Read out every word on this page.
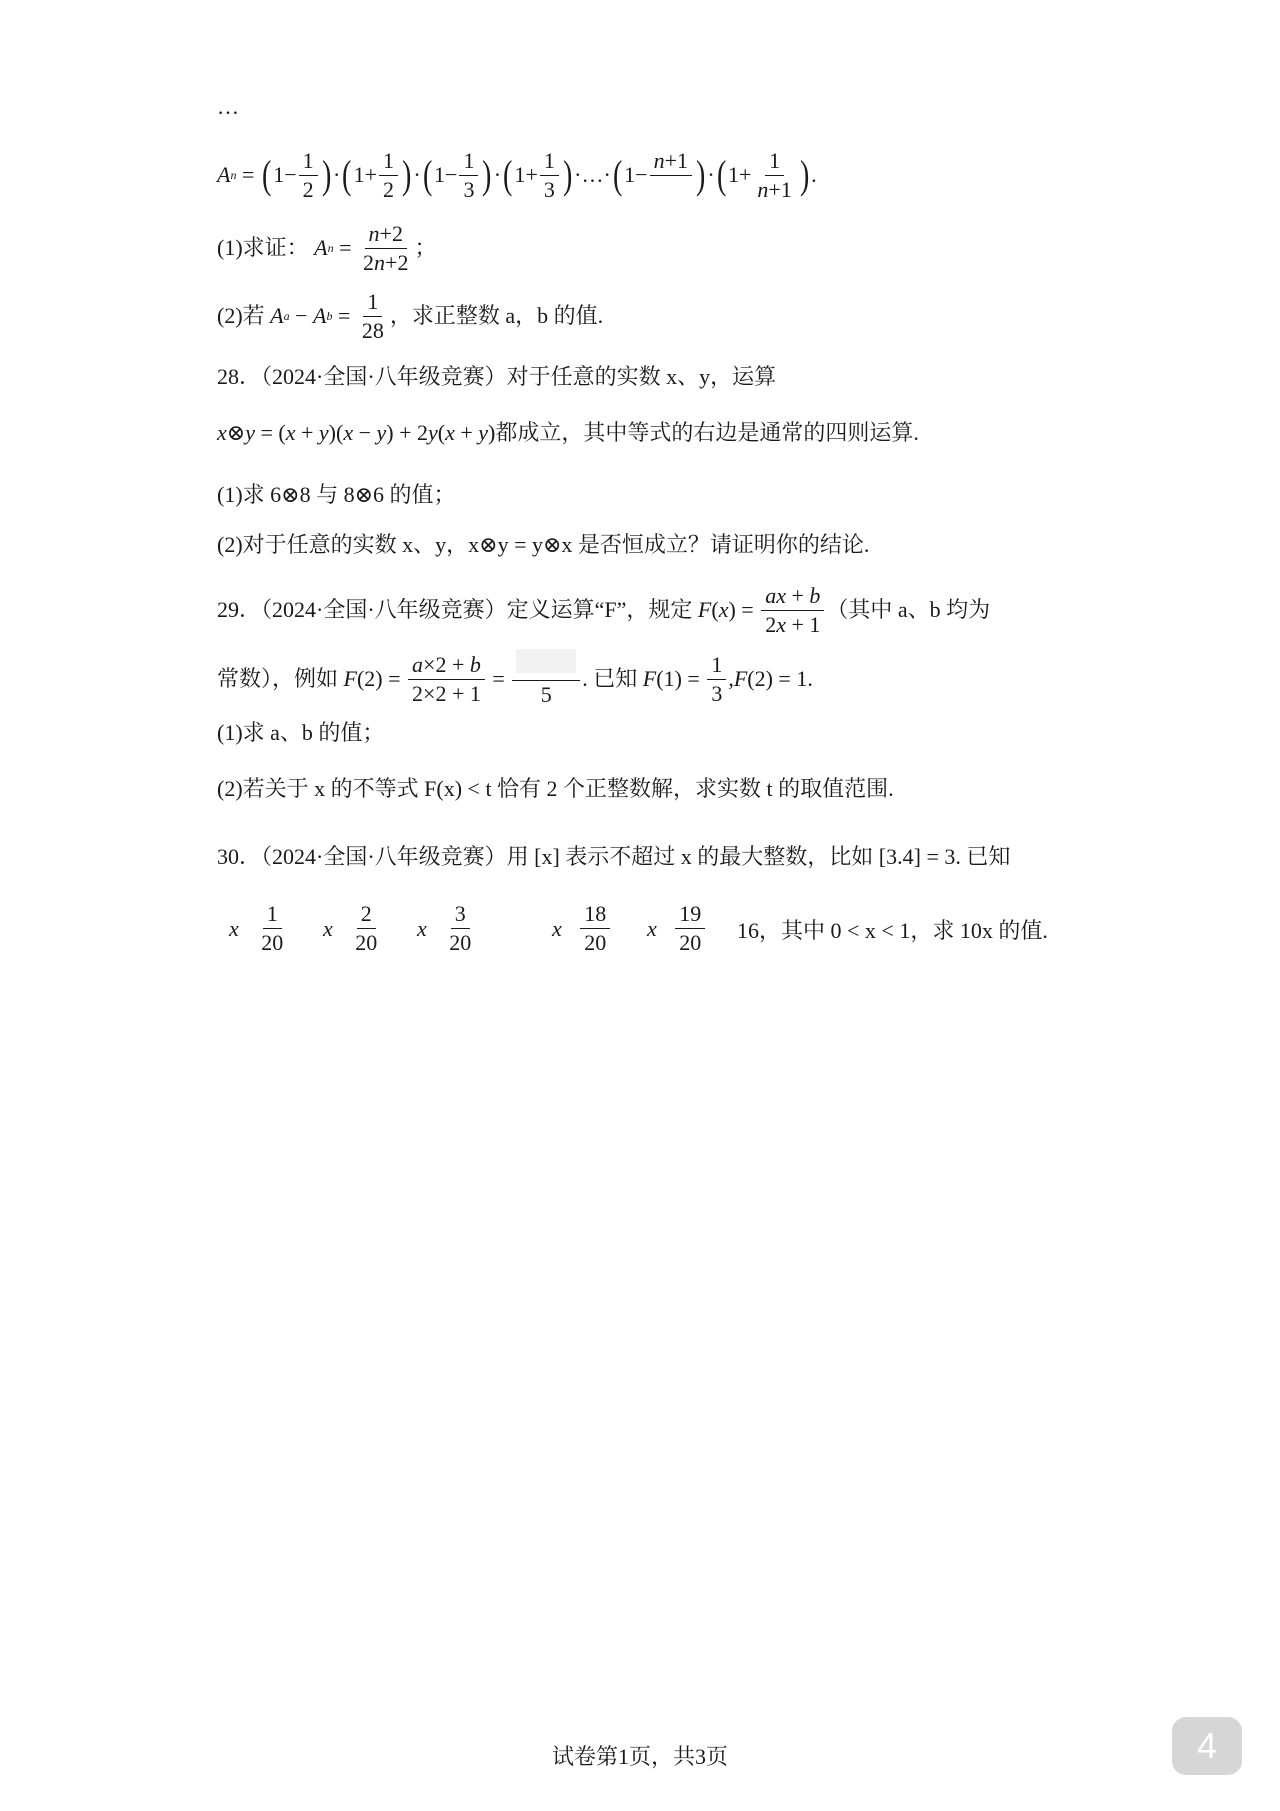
…
A n = ( $1- \frac{1}{2}$ ) · ( $1+ \frac{1}{2}$ ) · ( $1- \frac{1}{3}$ ) · ( $1+ \frac{1}{3}$ ) ·…· ( 1−
n+1
) · ( $1+ \frac{1}{n+1}$ ) .
(1)求证： A $n = \frac{n+2}{2n+2}$ ；
(2)若 A a − A $b = \frac{1}{28}$ ，求正整数 a，b 的值.
28．（2024·全国·八年级竞赛）对于任意的实数 x、y，运算
x⊗y = (x + y)(x − y) + 2y(x + y)都成立，其中等式的右边是通常的四则运算.
(1)求 6⊗8 与 8⊗6 的值；
(2)对于任意的实数 x、y，x⊗y = y⊗x 是否恒成立？请证明你的结论.
29．（2024·全国·八年级竞赛）定义运算“F”，规定
F ( x ) = $\frac{ax + b}{2x + 1}$ （其中 a、b 均为
常数），例如
F $(2) = \frac{a\times 2 + b}{2\times 2 + 1}$ =
5
. 已知
F $(1) = \frac{1}{3}$ , F (2) = 1.
(1)求 a、b 的值；
(2)若关于 x 的不等式 F(x) < t 恰有 2 个正整数解，求实数 t 的取值范围.
30．（2024·全国·八年级竞赛）用 [x] 表示不超过 x 的最大整数，比如 [3.4] = 3. 已知
x
$\frac{1}{20}$ x
$\frac{2}{20}$ x
$\frac{3}{20}$	x
$\frac{18}{20}$ x
$\frac{19}{20} 16$，其中 0 < x < 1，求 10x 的值.
试卷第1页，共3页	4
